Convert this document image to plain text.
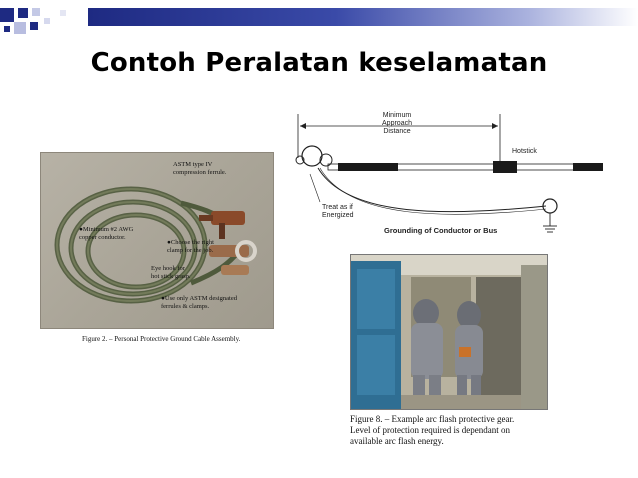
Contoh Peralatan keselamatan
ASTM type IV
compression ferrule.
●Minimum #2 AWG
copper conductor.
●Choose the right
clamp for the job.
Eye hook for
hot stick grasp.
●Use only ASTM designated
ferrules & clamps.
Figure 2. – Personal Protective Ground Cable Assembly.
Minimum
Approach
Distance
Hotstick
Treat as if
Energized
Grounding of Conductor or Bus
Figure 8. – Example arc flash protective gear.
Level of protection required is dependant on
available arc flash energy.
